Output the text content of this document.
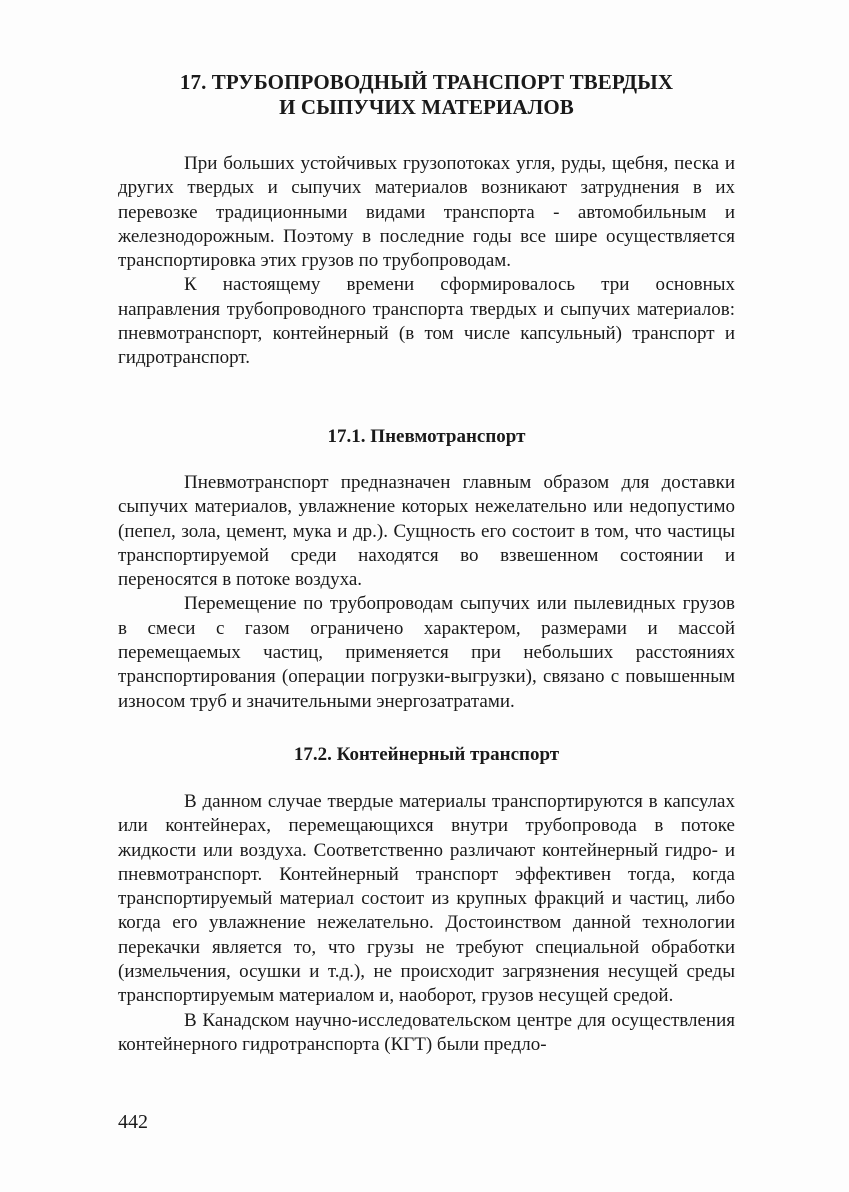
17. ТРУБОПРОВОДНЫЙ ТРАНСПОРТ ТВЕРДЫХ
И СЫПУЧИХ МАТЕРИАЛОВ

При больших устойчивых грузопотоках угля, руды, щебня, песка и других твердых и сыпучих материалов возникают затруднения в их перевозке традиционными видами транспорта - автомобильным и железнодорожным. Поэтому в последние годы все шире осуществляется транспортировка этих грузов по трубопроводам.

К настоящему времени сформировалось три основных направления трубопроводного транспорта твердых и сыпучих материалов: пневмотранспорт, контейнерный (в том числе капсульный) транспорт и гидротранспорт.

17.1. Пневмотранспорт

Пневмотранспорт предназначен главным образом для доставки сыпучих материалов, увлажнение которых нежелательно или недопустимо (пепел, зола, цемент, мука и др.). Сущность его состоит в том, что частицы транспортируемой среди находятся во взвешенном состоянии и переносятся в потоке воздуха.

Перемещение по трубопроводам сыпучих или пылевидных грузов в смеси с газом ограничено характером, размерами и массой перемещаемых частиц, применяется при небольших расстояниях транспортирования (операции погрузки-выгрузки), связано с повышенным износом труб и значительными энергозатратами.

17.2. Контейнерный транспорт

В данном случае твердые материалы транспортируются в капсулах или контейнерах, перемещающихся внутри трубопровода в потоке жидкости или воздуха. Соответственно различают контейнерный гидро- и пневмотранспорт. Контейнерный транспорт эффективен тогда, когда транспортируемый материал состоит из крупных фракций и частиц, либо когда его увлажнение нежелательно. Достоинством данной технологии перекачки является то, что грузы не требуют специальной обработки (измельчения, осушки и т.д.), не происходит загрязнения несущей среды транспортируемым материалом и, наоборот, грузов несущей средой.

В Канадском научно-исследовательском центре для осуществления контейнерного гидротранспорта (КГТ) были предло-

442
